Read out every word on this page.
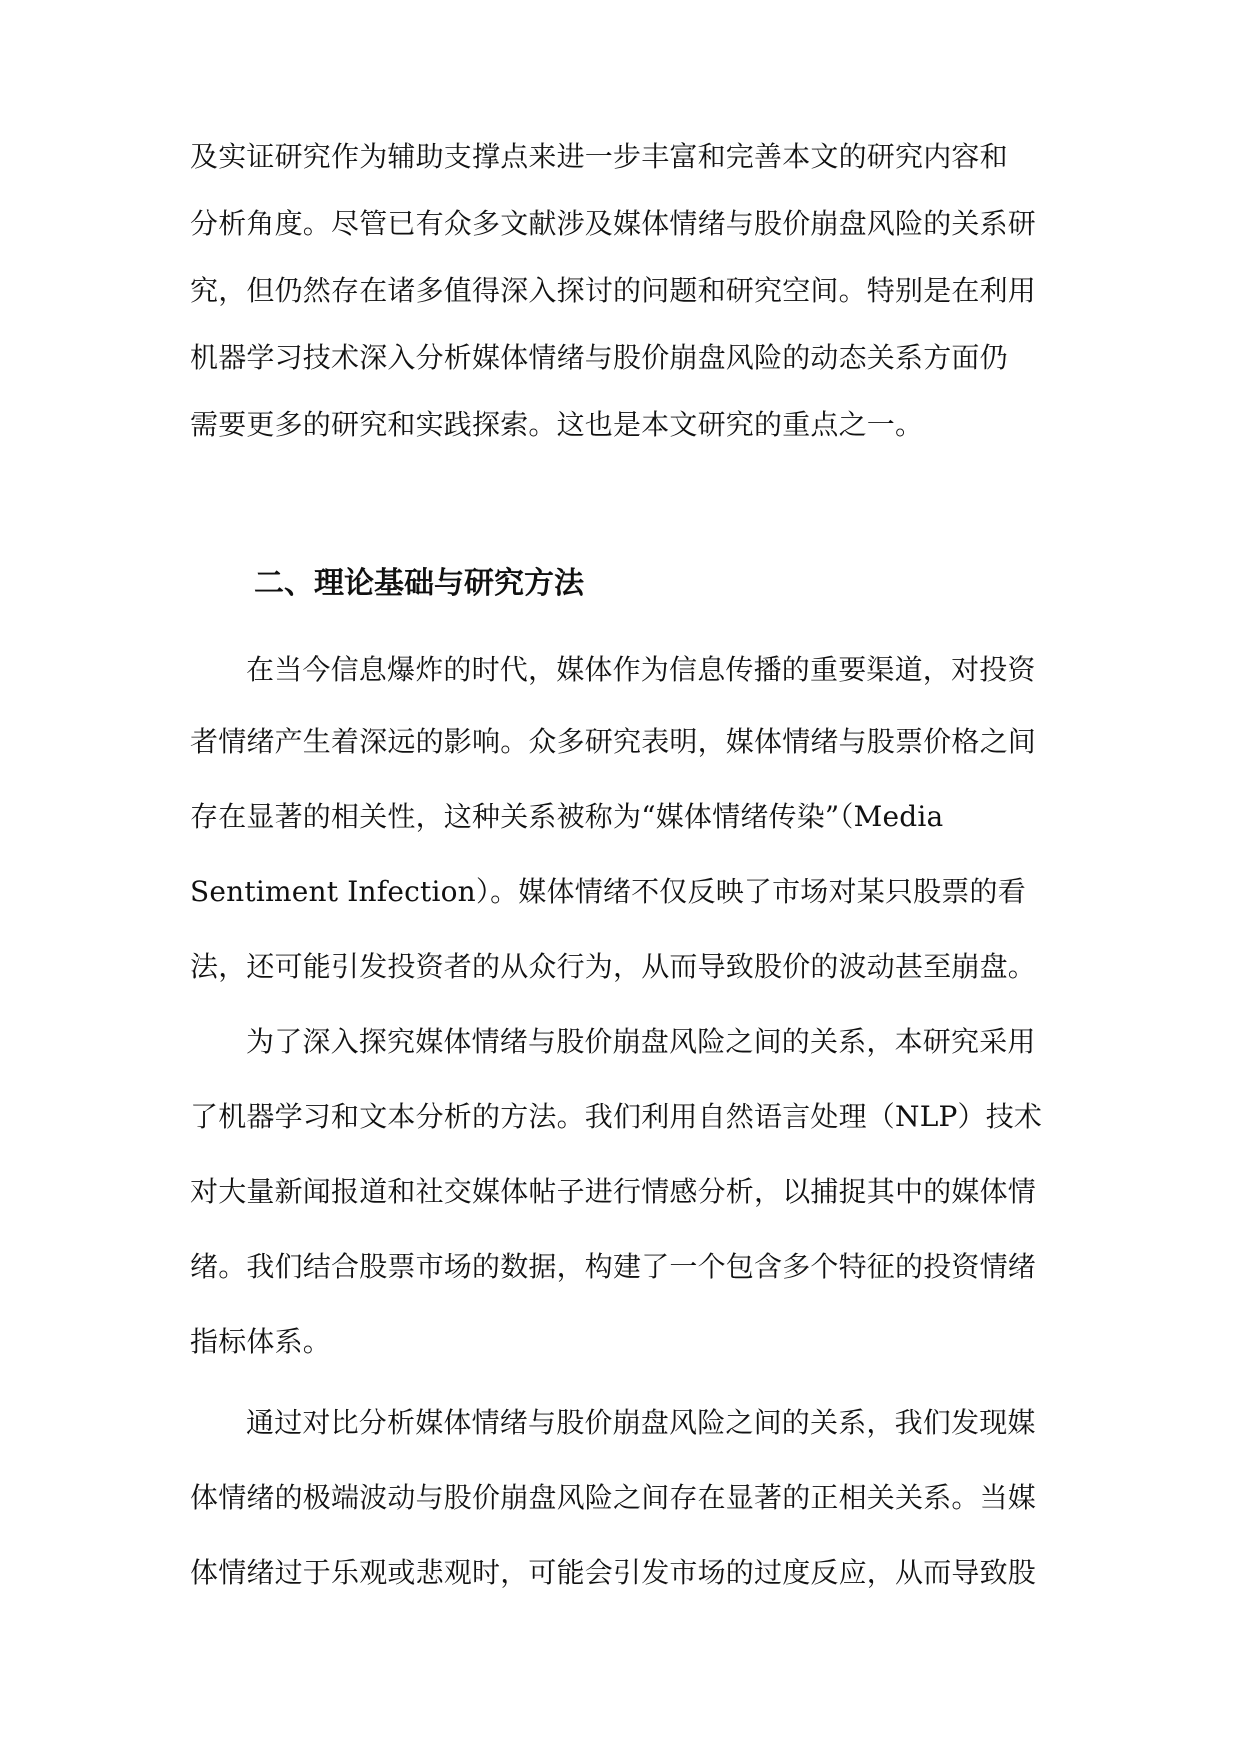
及实证研究作为辅助支撑点来进一步丰富和完善本文的研究内容和
分析角度。尽管已有众多文献涉及媒体情绪与股价崩盘风险的关系研
究，但仍然存在诸多值得深入探讨的问题和研究空间。特别是在利用
机器学习技术深入分析媒体情绪与股价崩盘风险的动态关系方面仍
需要更多的研究和实践探索。这也是本文研究的重点之一。
二、理论基础与研究方法
在当今信息爆炸的时代，媒体作为信息传播的重要渠道，对投资
者情绪产生着深远的影响。众多研究表明，媒体情绪与股票价格之间
存在显著的相关性，这种关系被称为“媒体情绪传染”（Media
Sentiment Infection）。媒体情绪不仅反映了市场对某只股票的看
法，还可能引发投资者的从众行为，从而导致股价的波动甚至崩盘。
为了深入探究媒体情绪与股价崩盘风险之间的关系，本研究采用
了机器学习和文本分析的方法。我们利用自然语言处理（NLP）技术
对大量新闻报道和社交媒体帖子进行情感分析，以捕捉其中的媒体情
绪。我们结合股票市场的数据，构建了一个包含多个特征的投资情绪
指标体系。
通过对比分析媒体情绪与股价崩盘风险之间的关系，我们发现媒
体情绪的极端波动与股价崩盘风险之间存在显著的正相关关系。当媒
体情绪过于乐观或悲观时，可能会引发市场的过度反应，从而导致股
